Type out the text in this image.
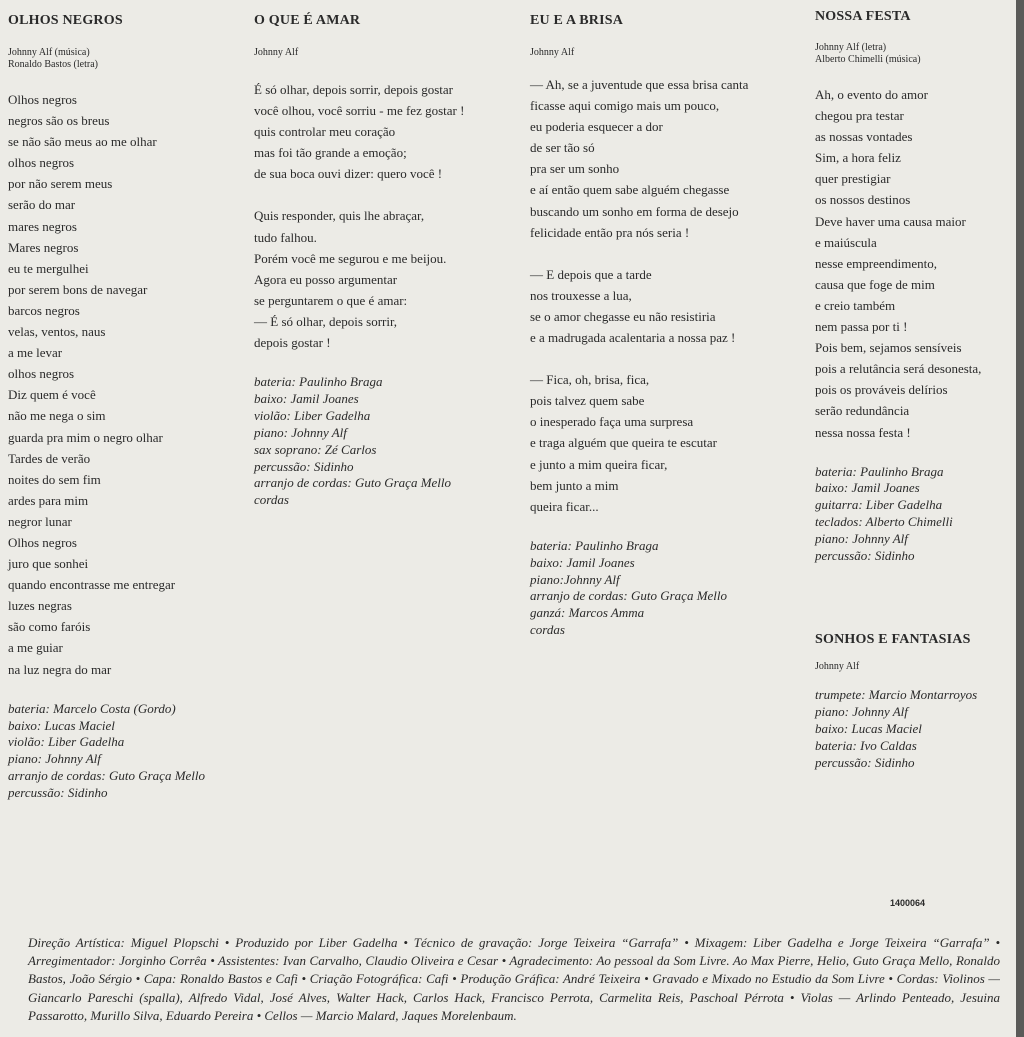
OLHOS NEGROS

Johnny Alf (música)

Ronaldo Bastos (letra)

Olhos negros
negros são os breus
se não são meus ao me olhar
olhos negros
por não serem meus
serão do mar
mares negros
Mares negros
eu te mergulhei
por serem bons de navegar
barcos negros
velas, ventos, naus
a me levar
olhos negros
Diz quem é você
não me nega o sim
guarda pra mim o negro olhar
Tardes de verão
noites do sem fim
ardes para mim
negror lunar
Olhos negros
juro que sonhei
quando encontrasse me entregar
luzes negras
são como faróis
a me guiar
na luz negra do mar
bateria: Marcelo Costa (Gordo)
baixo: Lucas Maciel
violão: Liber Gadelha
piano: Johnny Alf
arranjo de cordas: Guto Graça Mello
percussão: Sidinho
O QUE É AMAR

Johnny Alf

É só olhar, depois sorrir, depois gostar
você olhou, você sorriu - me fez gostar !
quis controlar meu coração
mas foi tão grande a emoção;
de sua boca ouvi dizer: quero você !
Quis responder, quis lhe abraçar,
tudo falhou.
Porém você me segurou e me beijou.
Agora eu posso argumentar
se perguntarem o que é amar:
— É só olhar, depois sorrir,
depois gostar !
bateria: Paulinho Braga
baixo: Jamil Joanes
violão: Liber Gadelha
piano: Johnny Alf
sax soprano: Zé Carlos
percussão: Sidinho
arranjo de cordas: Guto Graça Mello
cordas
EU E A BRISA

Johnny Alf

— Ah, se a juventude que essa brisa canta
ficasse aqui comigo mais um pouco,
eu poderia esquecer a dor
de ser tão só
pra ser um sonho
e aí então quem sabe alguém chegasse
buscando um sonho em forma de desejo
felicidade então pra nós seria !
— E depois que a tarde
nos trouxesse a lua,
se o amor chegasse eu não resistiria
e a madrugada acalentaria a nossa paz !
— Fica, oh, brisa, fica,
pois talvez quem sabe
o inesperado faça uma surpresa
e traga alguém que queira te escutar
e junto a mim queira ficar,
bem junto a mim
queira ficar...
bateria: Paulinho Braga
baixo: Jamil Joanes
piano:Johnny Alf
arranjo de cordas: Guto Graça Mello
ganzá: Marcos Amma
cordas
NOSSA FESTA

Johnny Alf (letra)

Alberto Chimelli (música)

Ah, o evento do amor
chegou pra testar
as nossas vontades
Sim, a hora feliz
quer prestigiar
os nossos destinos
Deve haver uma causa maior
e maiúscula
nesse empreendimento,
causa que foge de mim
e creio também
nem passa por ti !
Pois bem, sejamos sensíveis
pois a relutância será desonesta,
pois os prováveis delírios
serão redundância
nessa nossa festa !
bateria: Paulinho Braga
baixo: Jamil Joanes
guitarra: Liber Gadelha
teclados: Alberto Chimelli
piano: Johnny Alf
percussão: Sidinho
SONHOS E FANTASIAS

Johnny Alf

trumpete: Marcio Montarroyos
piano: Johnny Alf
baixo: Lucas Maciel
bateria: Ivo Caldas
percussão: Sidinho
1400064
Direção Artística: Miguel Plopschi • Produzido por Liber Gadelha • Técnico de gravação: Jorge Teixeira “Garrafa” • Mixagem: Liber Gadelha e Jorge Teixeira “Garrafa” • Arregimentador: Jorginho Corrêa • Assistentes: Ivan Carvalho, Claudio Oliveira e Cesar • Agradecimento: Ao pessoal da Som Livre. Ao Max Pierre, Helio, Guto Graça Mello, Ronaldo Bastos, João Sérgio • Capa: Ronaldo Bastos e Cafi • Criação Fotográfica: Cafi • Produção Gráfica: André Teixeira • Gravado e Mixado no Estudio da Som Livre • Cordas: Violinos — Giancarlo Pareschi (spalla), Alfredo Vidal, José Alves, Walter Hack, Carlos Hack, Francisco Perrota, Carmelita Reis, Paschoal Pérrota • Violas — Arlindo Penteado, Jesuina Passarotto, Murillo Silva, Eduardo Pereira • Cellos — Marcio Malard, Jaques Morelenbaum.
